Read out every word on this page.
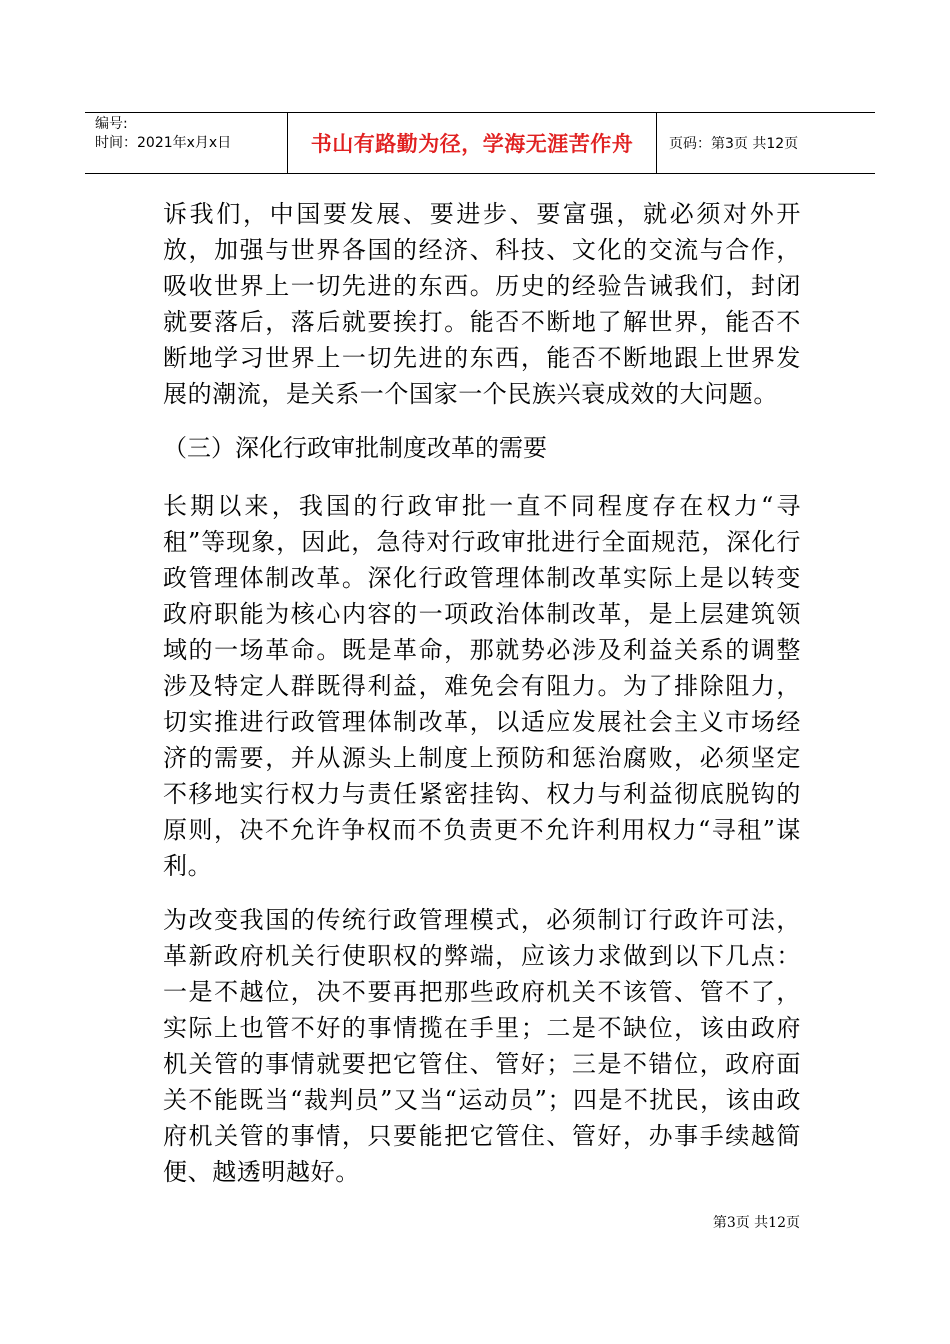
编号:
时间：2021年x月x日	书山有路勤为径，学海无涯苦作舟	页码：第3页 共12页

诉我们，中国要发展、要进步、要富强，就必须对外开放，加强与世界各国的经济、科技、文化的交流与合作，吸收世界上一切先进的东西。历史的经验告诫我们，封闭就要落后，落后就要挨打。能否不断地了解世界，能否不断地学习世界上一切先进的东西，能否不断地跟上世界发展的潮流，是关系一个国家一个民族兴衰成效的大问题。

（三）深化行政审批制度改革的需要

长期以来，我国的行政审批一直不同程度存在权力“寻租”等现象，因此，急待对行政审批进行全面规范，深化行政管理体制改革。深化行政管理体制改革实际上是以转变政府职能为核心内容的一项政治体制改革，是上层建筑领域的一场革命。既是革命，那就势必涉及利益关系的调整涉及特定人群既得利益，难免会有阻力。为了排除阻力，切实推进行政管理体制改革，以适应发展社会主义市场经济的需要，并从源头上制度上预防和惩治腐败，必须坚定不移地实行权力与责任紧密挂钩、权力与利益彻底脱钩的原则，决不允许争权而不负责更不允许利用权力“寻租”谋利。

为改变我国的传统行政管理模式，必须制订行政许可法，革新政府机关行使职权的弊端，应该力求做到以下几点：一是不越位，决不要再把那些政府机关不该管、管不了，实际上也管不好的事情揽在手里；二是不缺位，该由政府机关管的事情就要把它管住、管好；三是不错位，政府面关不能既当“裁判员”又当“运动员”；四是不扰民，该由政府机关管的事情，只要能把它管住、管好，办事手续越简便、越透明越好。

第3页 共12页
